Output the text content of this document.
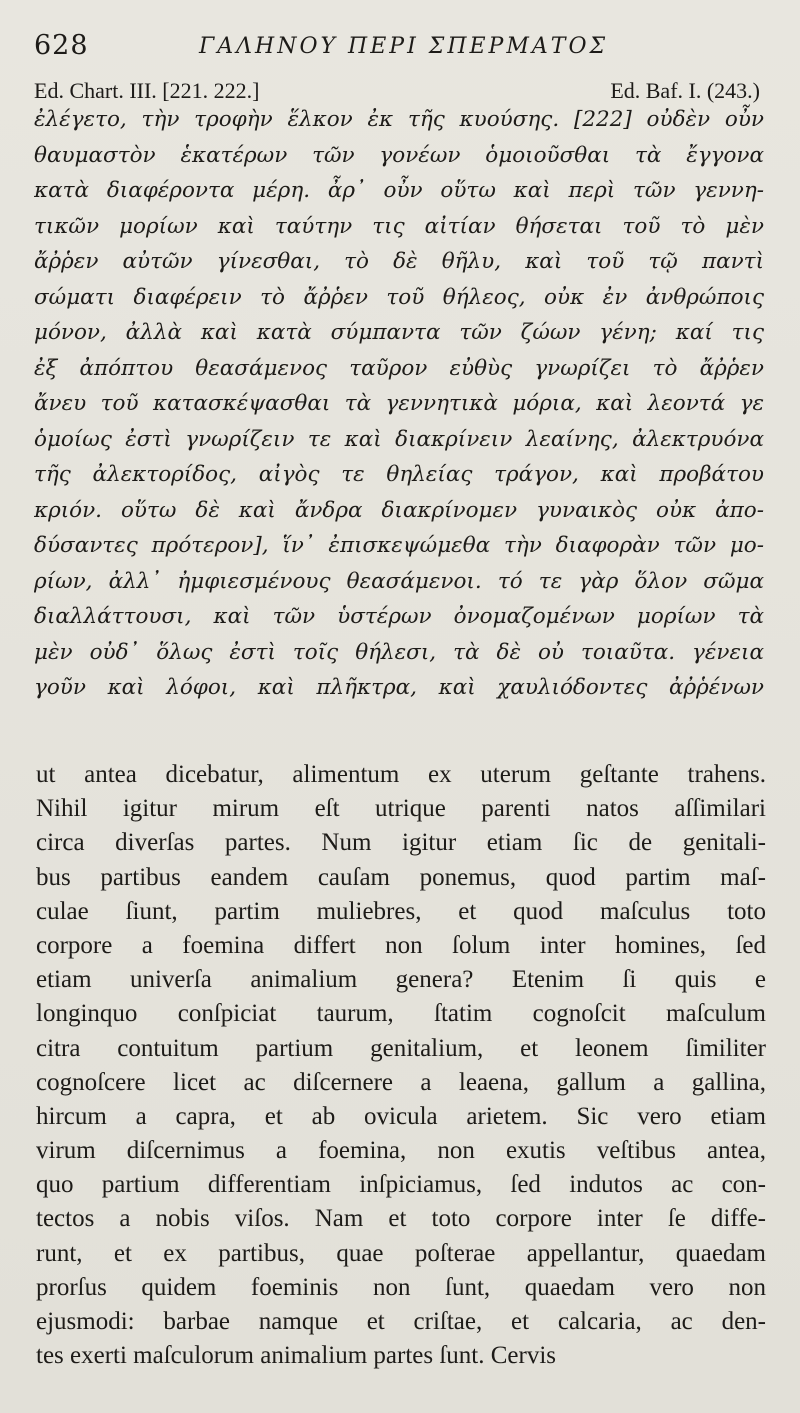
628	ΓΑΛΗΝΟΥ ΠΕΡΙ ΣΠΕΡΜΑΤΟΣ
Ed. Chart. III. [221. 222.]	Ed. Baf. I. (243.)
ἐλέγετο, τὴν τροφὴν ἕλκον ἐκ τῆς κυούσης. [222] οὐδὲν οὖν
θαυμαστὸν ἑκατέρων τῶν γονέων ὁμοιοῦσθαι τὰ ἔγγονα
κατὰ διαφέροντα μέρη. ἆρ᾽ οὖν οὕτω καὶ περὶ τῶν γεννη-
τικῶν μορίων καὶ ταύτην τις αἰτίαν θήσεται τοῦ τὸ μὲν
ἄῤῥεν αὐτῶν γίνεσθαι, τὸ δὲ θῆλυ, καὶ τοῦ τῷ παντὶ
σώματι διαφέρειν τὸ ἄῤῥεν τοῦ θήλεος, οὐκ ἐν ἀνθρώποις
μόνον, ἀλλὰ καὶ κατὰ σύμπαντα τῶν ζώων γένη; καί τις
ἐξ ἀπόπτου θεασάμενος ταῦρον εὐθὺς γνωρίζει τὸ ἄῤῥεν
ἄνευ τοῦ κατασκέψασθαι τὰ γεννητικὰ μόρια, καὶ λεοντά γε
ὁμοίως ἐστὶ γνωρίζειν τε καὶ διακρίνειν λεαίνης, ἀλεκτρυόνα
τῆς ἀλεκτορίδος, αἰγὸς τε θηλείας τράγον, καὶ προβάτου
κριόν. οὕτω δὲ καὶ ἄνδρα διακρίνομεν γυναικὸς οὐκ ἀπο-
δύσαντες πρότερον], ἵν᾽ ἐπισκεψώμεθα τὴν διαφορὰν τῶν μο-
ρίων, ἀλλ᾽ ἠμφιεσμένους θεασάμενοι. τό τε γὰρ ὅλον σῶμα
διαλλάττουσι, καὶ τῶν ὑστέρων ὀνομαζομένων μορίων τὰ
μὲν οὐδ᾽ ὅλως ἐστὶ τοῖς θήλεσι, τὰ δὲ οὐ τοιαῦτα. γένεια
γοῦν καὶ λόφοι, καὶ πλῆκτρα, καὶ χαυλιόδοντες ἀῤῥένων
ut antea dicebatur, alimentum ex uterum geſtante trahens.
Nihil igitur mirum eſt utrique parenti natos aſſimilari
circa diverſas partes. Num igitur etiam ſic de genitali-
bus partibus eandem cauſam ponemus, quod partim maſ-
culae ſiunt, partim muliebres, et quod maſculus toto
corpore a foemina differt non ſolum inter homines, ſed
etiam univerſa animalium genera? Etenim ſi quis e
longinquo conſpiciat taurum, ſtatim cognoſcit maſculum
citra contuitum partium genitalium, et leonem ſimiliter
cognoſcere licet ac diſcernere a leaena, gallum a gallina,
hircum a capra, et ab ovicula arietem. Sic vero etiam
virum diſcernimus a foemina, non exutis veſtibus antea,
quo partium differentiam inſpiciamus, ſed indutos ac con-
tectos a nobis viſos. Nam et toto corpore inter ſe diffe-
runt, et ex partibus, quae poſterae appellantur, quaedam
prorſus quidem foeminis non ſunt, quaedam vero non
ejusmodi: barbae namque et criſtae, et calcaria, ac den-
tes exerti maſculorum animalium partes ſunt. Cervis
